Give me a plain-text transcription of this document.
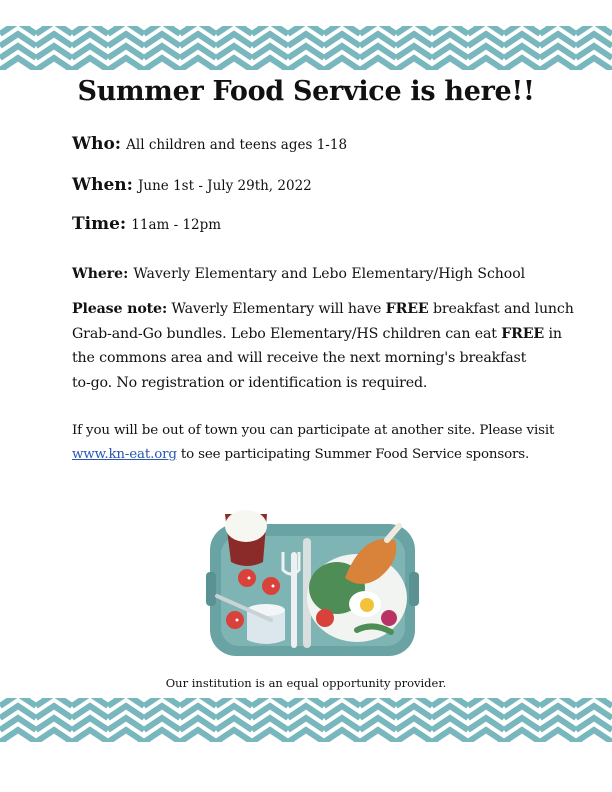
Summer Food Service is here!!
Who: All children and teens ages 1-18
When: June 1st - July 29th, 2022
Time: 11am - 12pm
Where: Waverly Elementary and Lebo Elementary/High School
Please note: Waverly Elementary will have FREE breakfast and lunch
Grab-and-Go bundles. Lebo Elementary/HS children can eat FREE in
the commons area and will receive the next morning's breakfast
to-go. No registration or identification is required.
If you will be out of town you can participate at another site. Please visit
www.kn-eat.org to see participating Summer Food Service sponsors.
Our institution is an equal opportunity provider.
